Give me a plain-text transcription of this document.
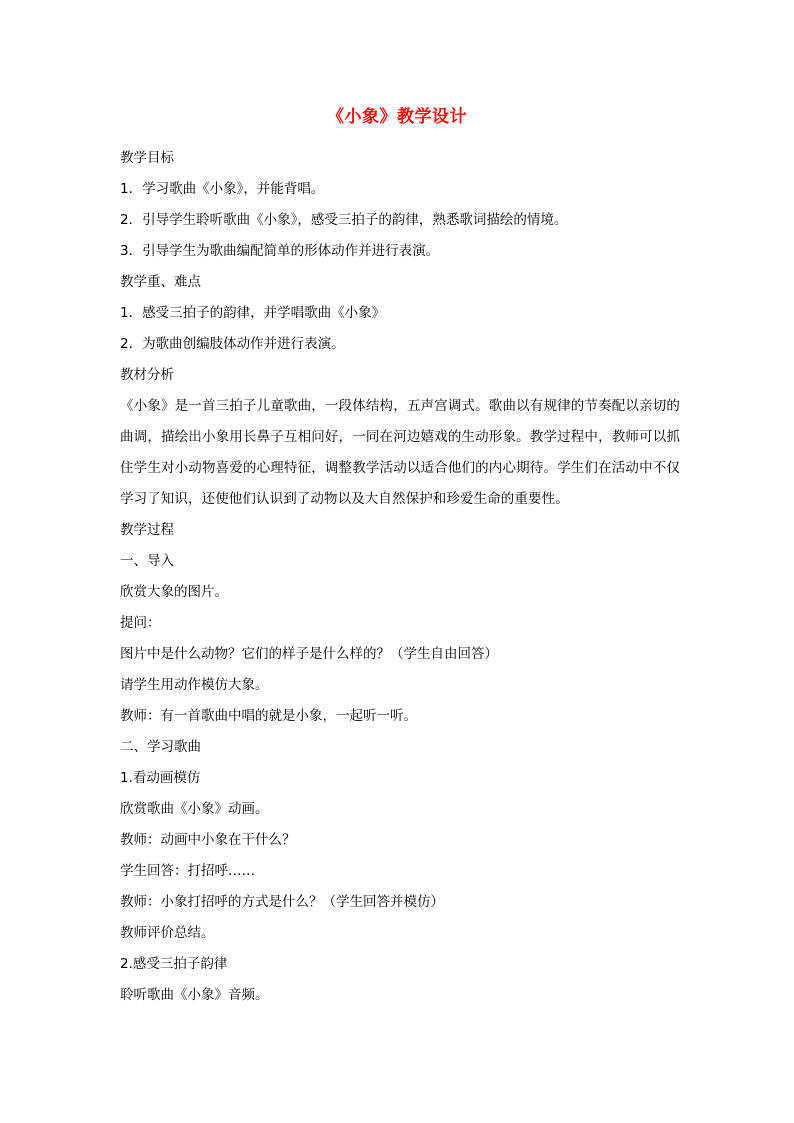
《小象》教学设计
教学目标
1．学习歌曲《小象》，并能背唱。
2．引导学生聆听歌曲《小象》，感受三拍子的韵律，熟悉歌词描绘的情境。
3．引导学生为歌曲编配简单的形体动作并进行表演。
教学重、难点
1．感受三拍子的韵律，并学唱歌曲《小象》
2．为歌曲创编肢体动作并进行表演。
教材分析
《小象》是一首三拍子儿童歌曲，一段体结构，五声宫调式。歌曲以有规律的节奏配以亲切的曲调，描绘出小象用长鼻子互相问好，一同在河边嬉戏的生动形象。教学过程中，教师可以抓住学生对小动物喜爱的心理特征，调整教学活动以适合他们的内心期待。学生们在活动中不仅学习了知识，还使他们认识到了动物以及大自然保护和珍爱生命的重要性。
教学过程
一、导入
欣赏大象的图片。
提问：
图片中是什么动物？它们的样子是什么样的？（学生自由回答）
请学生用动作模仿大象。
教师：有一首歌曲中唱的就是小象，一起听一听。
二、学习歌曲
1.看动画模仿
欣赏歌曲《小象》动画。
教师：动画中小象在干什么？
学生回答：打招呼……
教师：小象打招呼的方式是什么？（学生回答并模仿）
教师评价总结。
2.感受三拍子韵律
聆听歌曲《小象》音频。
